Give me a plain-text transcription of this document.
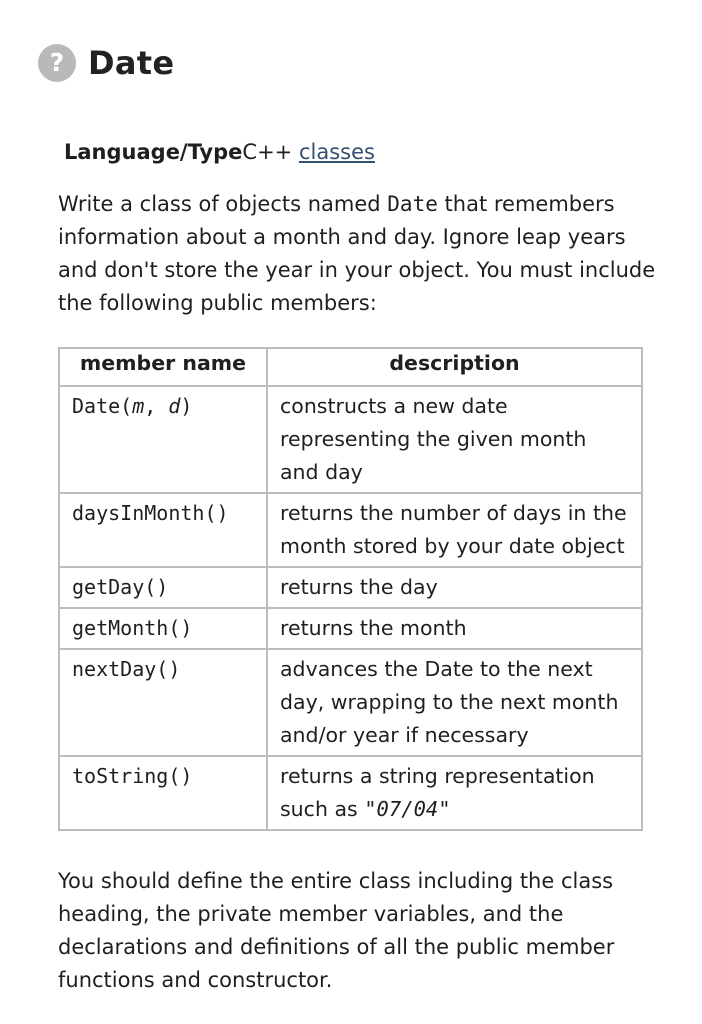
? Date
Language/TypeC++ classes

Write a class of objects named Date that remembers information about a month and day. Ignore leap years and don't store the year in your object. You must include the following public members:

member name	description
Date(m, d)	constructs a new date representing the given month and day
daysInMonth()	returns the number of days in the month stored by your date object
getDay()	returns the day
getMonth()	returns the month
nextDay()	advances the Date to the next day, wrapping to the next month and/or year if necessary
toString()	returns a string representation such as "07/04"

You should define the entire class including the class heading, the private member variables, and the declarations and definitions of all the public member functions and constructor.
